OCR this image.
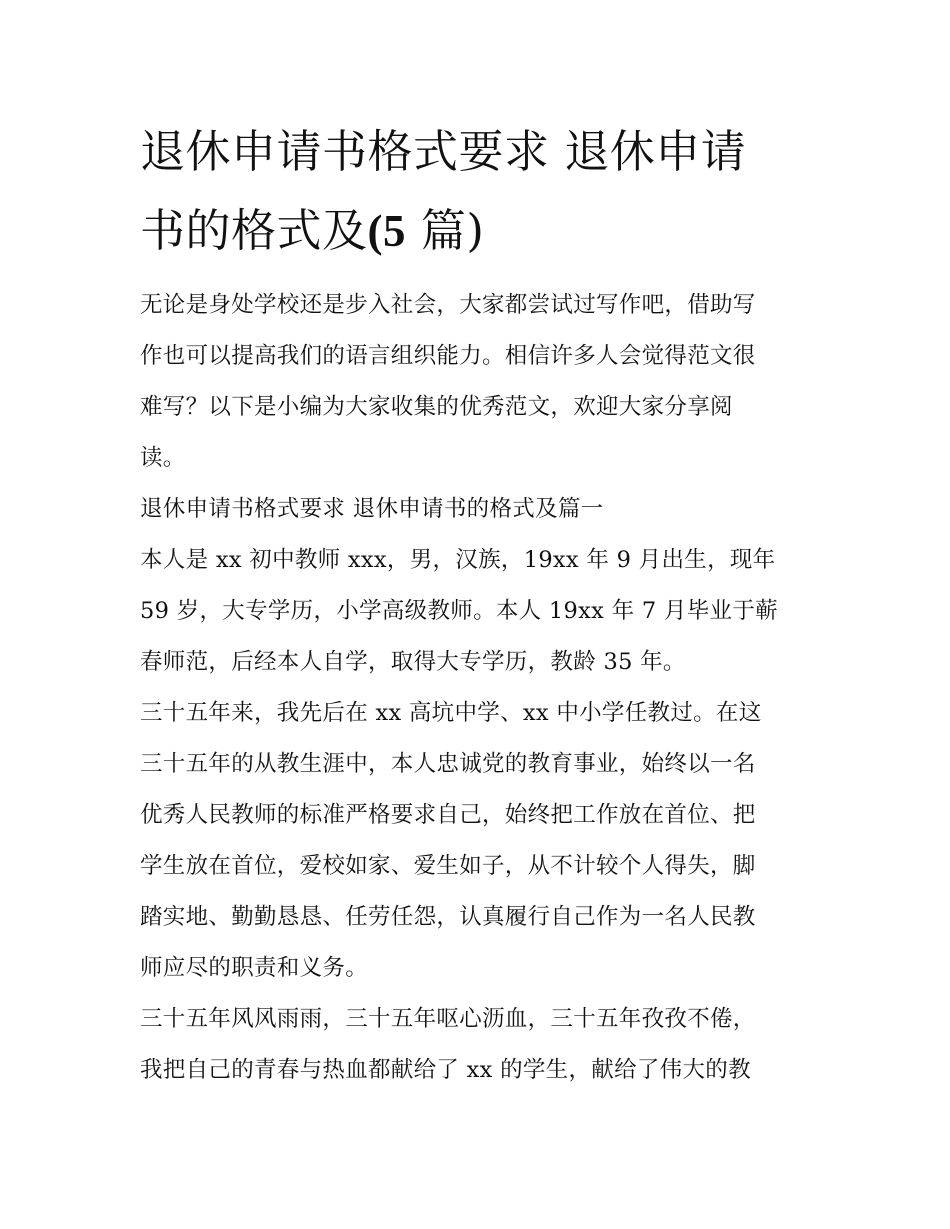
退休申请书格式要求 退休申请
书的格式及(5 篇)

无论是身处学校还是步入社会，大家都尝试过写作吧，借助写
作也可以提高我们的语言组织能力。相信许多人会觉得范文很
难写？以下是小编为大家收集的优秀范文，欢迎大家分享阅
读。

退休申请书格式要求 退休申请书的格式及篇一

本人是 xx 初中教师 xxx，男，汉族，19xx 年 9 月出生，现年
59 岁，大专学历，小学高级教师。本人 19xx 年 7 月毕业于蕲
春师范，后经本人自学，取得大专学历，教龄 35 年。

三十五年来，我先后在 xx 高坑中学、xx 中小学任教过。在这
三十五年的从教生涯中，本人忠诚党的教育事业，始终以一名
优秀人民教师的标准严格要求自己，始终把工作放在首位、把
学生放在首位，爱校如家、爱生如子，从不计较个人得失，脚
踏实地、勤勤恳恳、任劳任怨，认真履行自己作为一名人民教
师应尽的职责和义务。

三十五年风风雨雨，三十五年呕心沥血，三十五年孜孜不倦，
我把自己的青春与热血都献给了 xx 的学生，献给了伟大的教
